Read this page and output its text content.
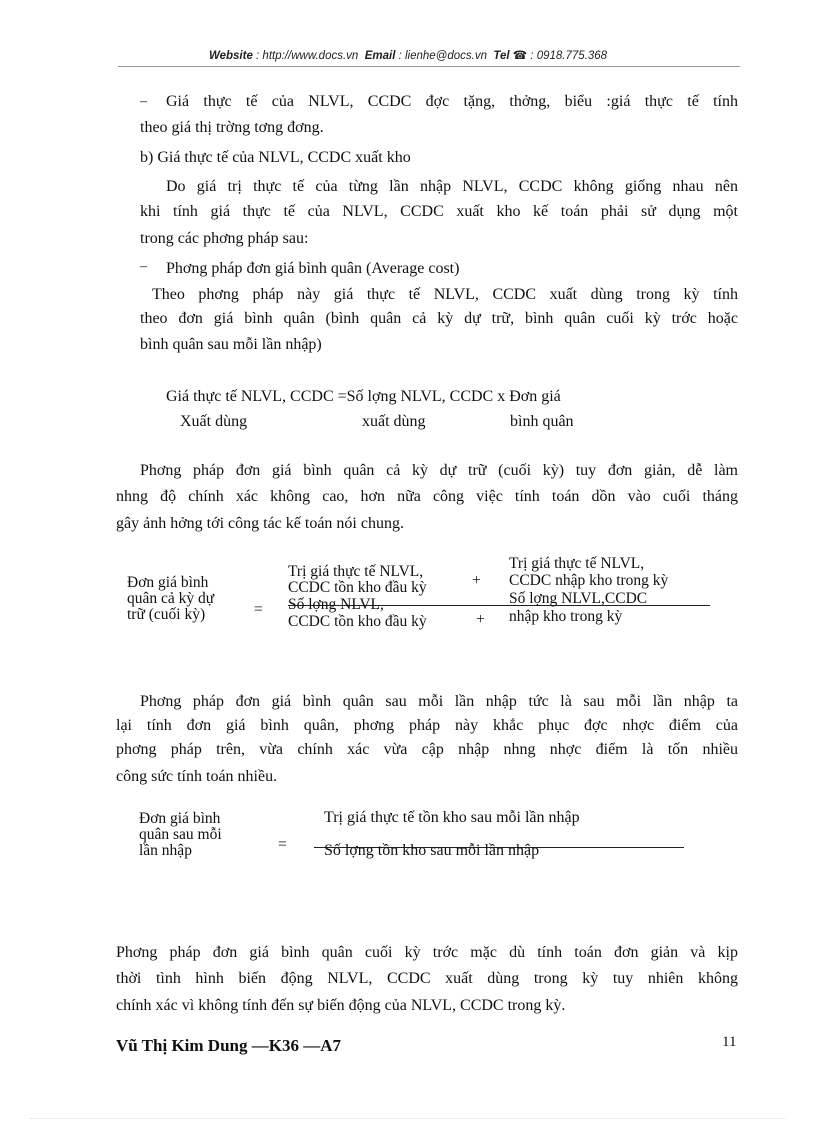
Website : http://www.docs.vn Email : lienhe@docs.vn Tel ☎ : 0918.775.368
– Giá thực tế của NLVL, CCDC đợc tặng, thởng, biểu :giá thực tế tính
theo giá thị trờng tơng đơng.
b) Giá thực tế của NLVL, CCDC xuất kho
Do giá trị thực tế của từng lần nhập NLVL, CCDC không giống nhau nên
khi tính giá thực tế của NLVL, CCDC xuất kho kế toán phải sử dụng một
trong các phơng pháp sau:
– Phơng pháp đơn giá bình quân (Average cost)
Theo phơng pháp này giá thực tế NLVL, CCDC xuất dùng trong kỳ tính
theo đơn giá bình quân (bình quân cả kỳ dự trữ, bình quân cuối kỳ trớc hoặc
bình quân sau mỗi lần nhập)
Giá thực tế NLVL, CCDC =Số lợng NLVL, CCDC x Đơn giá
Xuất dùng	xuất dùng	bình quân
Phơng pháp đơn giá bình quân cả kỳ dự trữ (cuối kỳ) tuy đơn giản, dễ làm
nhng độ chính xác không cao, hơn nữa công việc tính toán dồn vào cuối tháng
gây ảnh hởng tới công tác kế toán nói chung.
Đơn giá bình
quân cả kỳ dự
trữ (cuối kỳ)	=
Trị giá thực tế NLVL,
CCDC tồn kho đầu kỳ	+
Trị giá thực tế NLVL,
CCDC nhập kho trong kỳ
Số lợng NLVL,
CCDC tồn kho đầu kỳ	+
Số lợng NLVL,CCDC
nhập kho trong kỳ
Phơng pháp đơn giá bình quân sau mỗi lần nhập tức là sau mỗi lần nhập ta
lại tính đơn giá bình quân, phơng pháp này khắc phục đợc nhợc điểm của
phơng pháp trên, vừa chính xác vừa cập nhập nhng nhợc điểm là tốn nhiều
công sức tính toán nhiều.
Đơn giá bình
quân sau mỗi
lần nhập	=
Trị giá thực tế tồn kho sau mỗi lần nhập
Số lợng tồn kho sau mỗi lần nhập
Phơng pháp đơn giá bình quân cuối kỳ trớc mặc dù tính toán đơn giản và kịp
thời tình hình biến động NLVL, CCDC xuất dùng trong kỳ tuy nhiên không
chính xác vì không tính đến sự biến động của NLVL, CCDC trong kỳ.
Vũ Thị Kim Dung —K36 —A7	11
